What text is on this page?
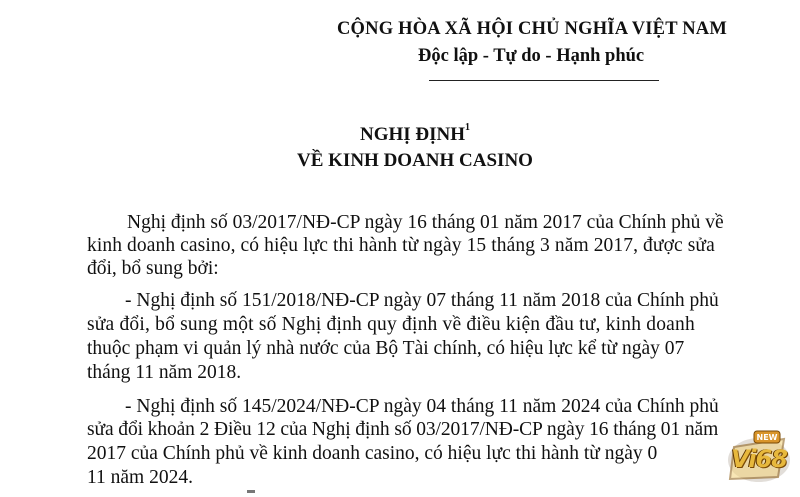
CỘNG HÒA XÃ HỘI CHỦ NGHĨA VIỆT NAM
Độc lập - Tự do - Hạnh phúc
NGHỊ ĐỊNH$^1$
VỀ KINH DOANH CASINO
Nghị định số 03/2017/NĐ-CP ngày 16 tháng 01 năm 2017 của Chính phủ về
kinh doanh casino, có hiệu lực thi hành từ ngày 15 tháng 3 năm 2017, được sửa
đổi, bổ sung bởi:
- Nghị định số 151/2018/NĐ-CP ngày 07 tháng 11 năm 2018 của Chính phủ
sửa đổi, bổ sung một số Nghị định quy định về điều kiện đầu tư, kinh doanh
thuộc phạm vi quản lý nhà nước của Bộ Tài chính, có hiệu lực kể từ ngày 07
tháng 11 năm 2018.
- Nghị định số 145/2024/NĐ-CP ngày 04 tháng 11 năm 2024 của Chính phủ
sửa đổi khoản 2 Điều 12 của Nghị định số 03/2017/NĐ-CP ngày 16 tháng 01 năm
2017 của Chính phủ về kinh doanh casino, có hiệu lực thi hành từ ngày 0
11 năm 2024.
NEW
Vi68
